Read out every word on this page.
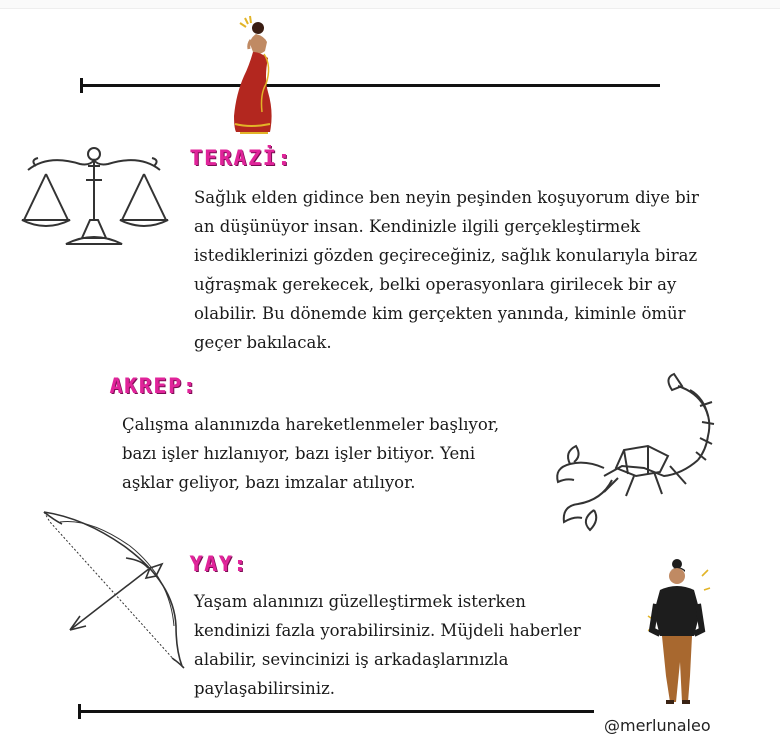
TERAZİ:

Sağlık elden gidince ben neyin peşinden koşuyorum diye bir

an düşünüyor insan. Kendinizle ilgili gerçekleştirmek

istediklerinizi gözden geçireceğiniz, sağlık konularıyla biraz

uğraşmak gerekecek, belki operasyonlara girilecek bir ay

olabilir. Bu dönemde kim gerçekten yanında, kiminle ömür

geçer bakılacak.

AKREP:

Çalışma alanınızda hareketlenmeler başlıyor,

bazı işler hızlanıyor, bazı işler bitiyor. Yeni

aşklar geliyor, bazı imzalar atılıyor.

YAY:

Yaşam alanınızı güzelleştirmek isterken

kendinizi fazla yorabilirsiniz. Müjdeli haberler

alabilir, sevincinizi iş arkadaşlarınızla

paylaşabilirsiniz.

@merlunaleo
